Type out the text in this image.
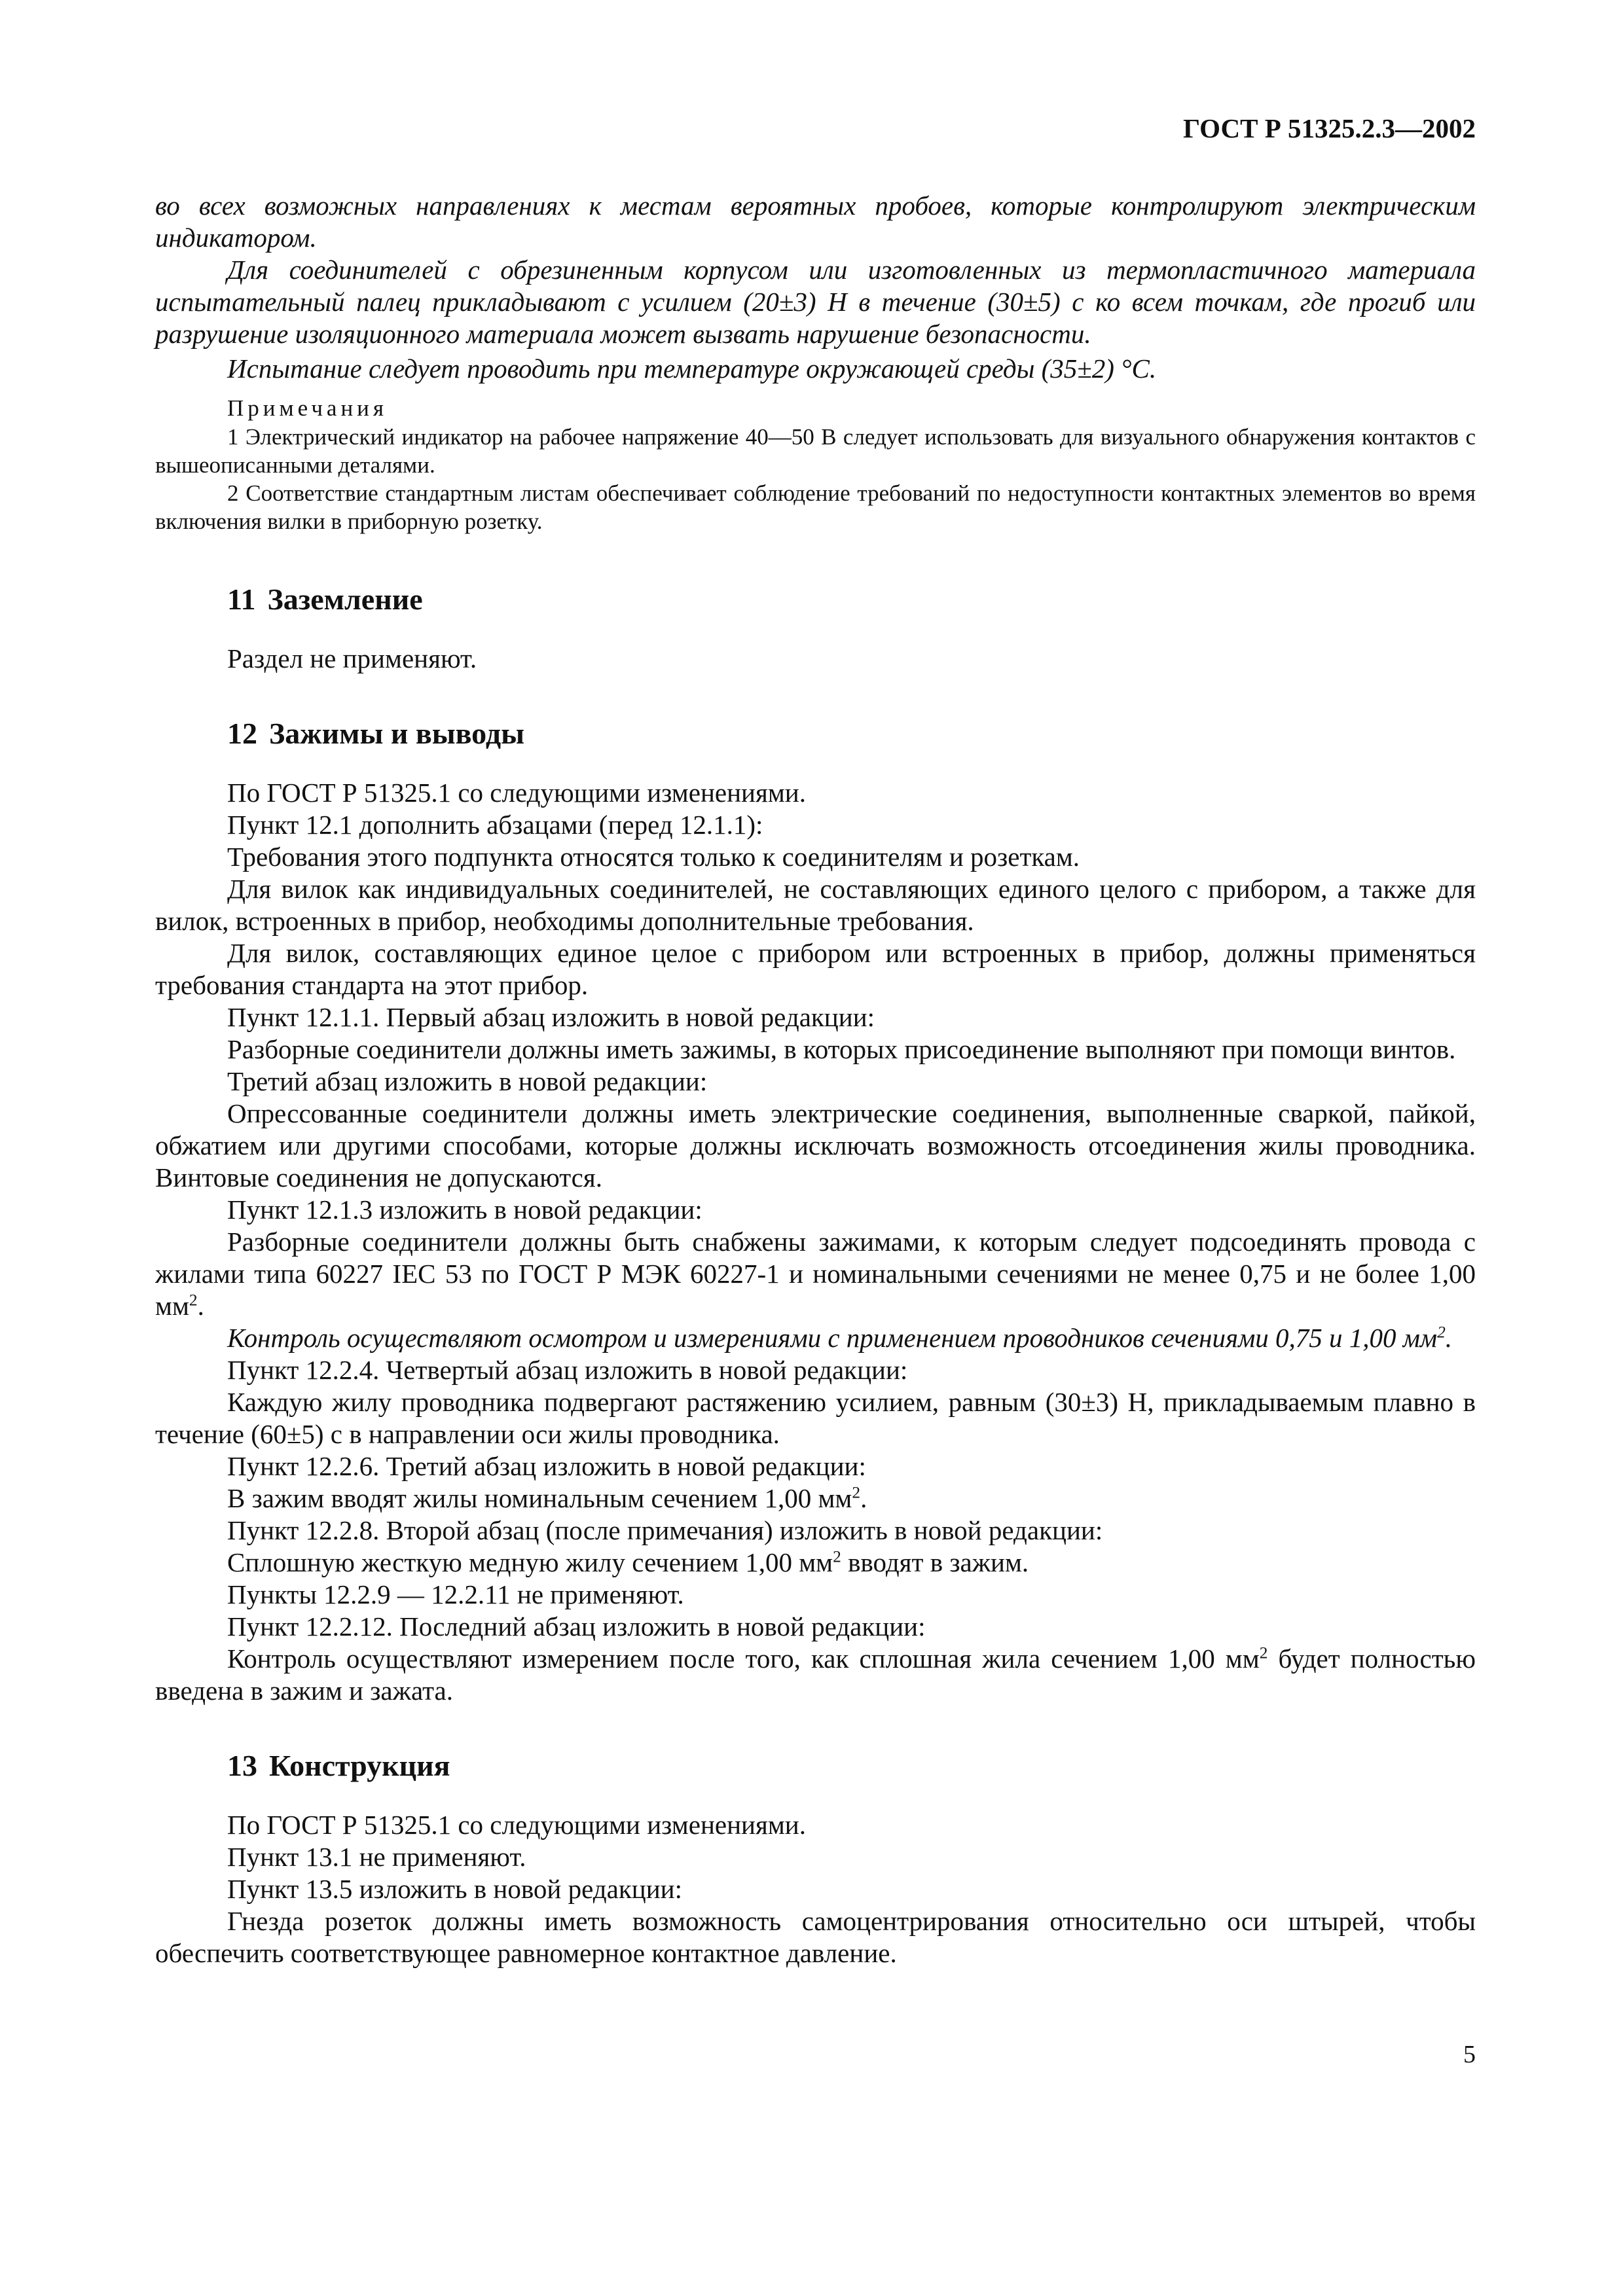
ГОСТ Р 51325.2.3—2002

во всех возможных направлениях к местам вероятных пробоев, которые контролируют электрическим индикатором.

Для соединителей с обрезиненным корпусом или изготовленных из термопластичного материала испытательный палец прикладывают с усилием (20±3) Н в течение (30±5) с ко всем точкам, где прогиб или разрушение изоляционного материала может вызвать нарушение безопасности.

Испытание следует проводить при температуре окружающей среды (35±2) °С.

Примечания

1 Электрический индикатор на рабочее напряжение 40—50 В следует использовать для визуального обнаружения контактов с вышеописанными деталями.

2 Соответствие стандартным листам обеспечивает соблюдение требований по недоступности контактных элементов во время включения вилки в приборную розетку.

11 Заземление

Раздел не применяют.

12 Зажимы и выводы

По ГОСТ Р 51325.1 со следующими изменениями.

Пункт 12.1 дополнить абзацами (перед 12.1.1):

Требования этого подпункта относятся только к соединителям и розеткам.

Для вилок как индивидуальных соединителей, не составляющих единого целого с прибором, а также для вилок, встроенных в прибор, необходимы дополнительные требования.

Для вилок, составляющих единое целое с прибором или встроенных в прибор, должны применяться требования стандарта на этот прибор.

Пункт 12.1.1. Первый абзац изложить в новой редакции:

Разборные соединители должны иметь зажимы, в которых присоединение выполняют при помощи винтов.

Третий абзац изложить в новой редакции:

Опрессованные соединители должны иметь электрические соединения, выполненные сваркой, пайкой, обжатием или другими способами, которые должны исключать возможность отсоединения жилы проводника. Винтовые соединения не допускаются.

Пункт 12.1.3 изложить в новой редакции:

Разборные соединители должны быть снабжены зажимами, к которым следует подсоединять провода с жилами типа 60227 IEC 53 по ГОСТ Р МЭК 60227-1 и номинальными сечениями не менее 0,75 и не более 1,00 $мм^2$.

Контроль осуществляют осмотром и измерениями с применением проводников сечениями 0,75 и 1,00 $мм^2$.

Пункт 12.2.4. Четвертый абзац изложить в новой редакции:

Каждую жилу проводника подвергают растяжению усилием, равным (30±3) Н, прикладываемым плавно в течение (60±5) с в направлении оси жилы проводника.

Пункт 12.2.6. Третий абзац изложить в новой редакции:

В зажим вводят жилы номинальным сечением 1,00 $мм^2$.

Пункт 12.2.8. Второй абзац (после примечания) изложить в новой редакции:

Сплошную жесткую медную жилу сечением 1,00 $мм^2$ вводят в зажим.

Пункты 12.2.9 — 12.2.11 не применяют.

Пункт 12.2.12. Последний абзац изложить в новой редакции:

Контроль осуществляют измерением после того, как сплошная жила сечением 1,00 $мм^2$ будет полностью введена в зажим и зажата.

13 Конструкция

По ГОСТ Р 51325.1 со следующими изменениями.

Пункт 13.1 не применяют.

Пункт 13.5 изложить в новой редакции:

Гнезда розеток должны иметь возможность самоцентрирования относительно оси штырей, чтобы обеспечить соответствующее равномерное контактное давление.

5
